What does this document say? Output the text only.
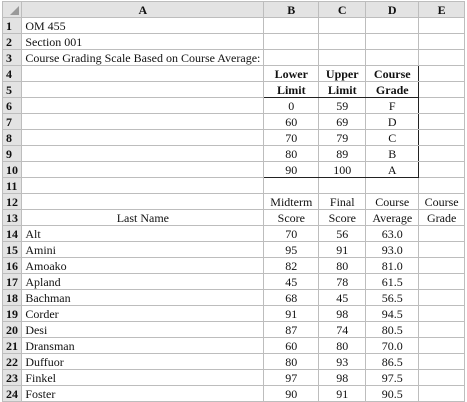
	A	B	C	D	E
1	OM 455				
2	Section 001				
3	Course Grading Scale Based on Course Average:				
4		Lower	Upper	Course	
5		Limit	Limit	Grade	
6		0	59	F	
7		60	69	D	
8		70	79	C	
9		80	89	B	
10		90	100	A	
11					
12		Midterm	Final	Course	Course
13	Last Name	Score	Score	Average	Grade
14	Alt	70	56	63.0	
15	Amini	95	91	93.0	
16	Amoako	82	80	81.0	
17	Apland	45	78	61.5	
18	Bachman	68	45	56.5	
19	Corder	91	98	94.5	
20	Desi	87	74	80.5	
21	Dransman	60	80	70.0	
22	Duffuor	80	93	86.5	
23	Finkel	97	98	97.5	
24	Foster	90	91	90.5	
